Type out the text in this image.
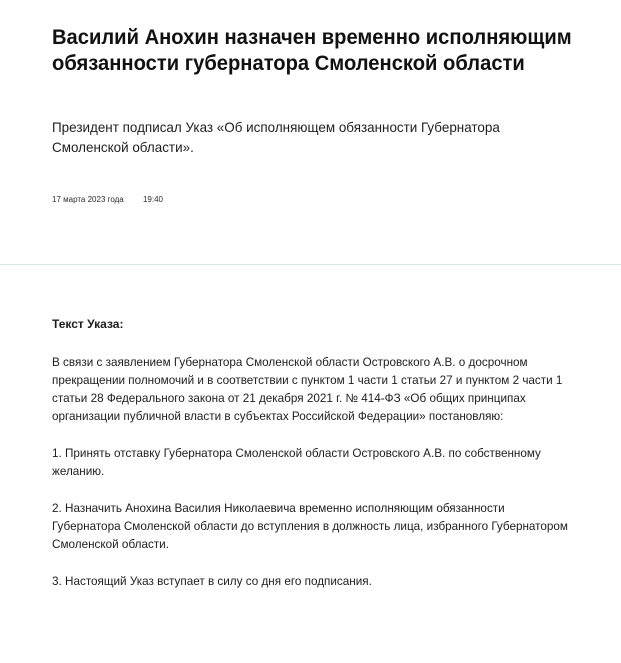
Василий Анохин назначен временно исполняющим обязанности губернатора Смоленской области

Президент подписал Указ «Об исполняющем обязанности Губернатора Смоленской области».

17 марта 2023 года 19:40

Текст Указа:

В связи с заявлением Губернатора Смоленской области Островского А.В. о досрочном прекращении полномочий и в соответствии с пунктом 1 части 1 статьи 27 и пунктом 2 части 1 статьи 28 Федерального закона от 21 декабря 2021 г. № 414-ФЗ «Об общих принципах организации публичной власти в субъектах Российской Федерации» постановляю:

1. Принять отставку Губернатора Смоленской области Островского А.В. по собственному желанию.

2. Назначить Анохина Василия Николаевича временно исполняющим обязанности Губернатора Смоленской области до вступления в должность лица, избранного Губернатором Смоленской области.

3. Настоящий Указ вступает в силу со дня его подписания.
